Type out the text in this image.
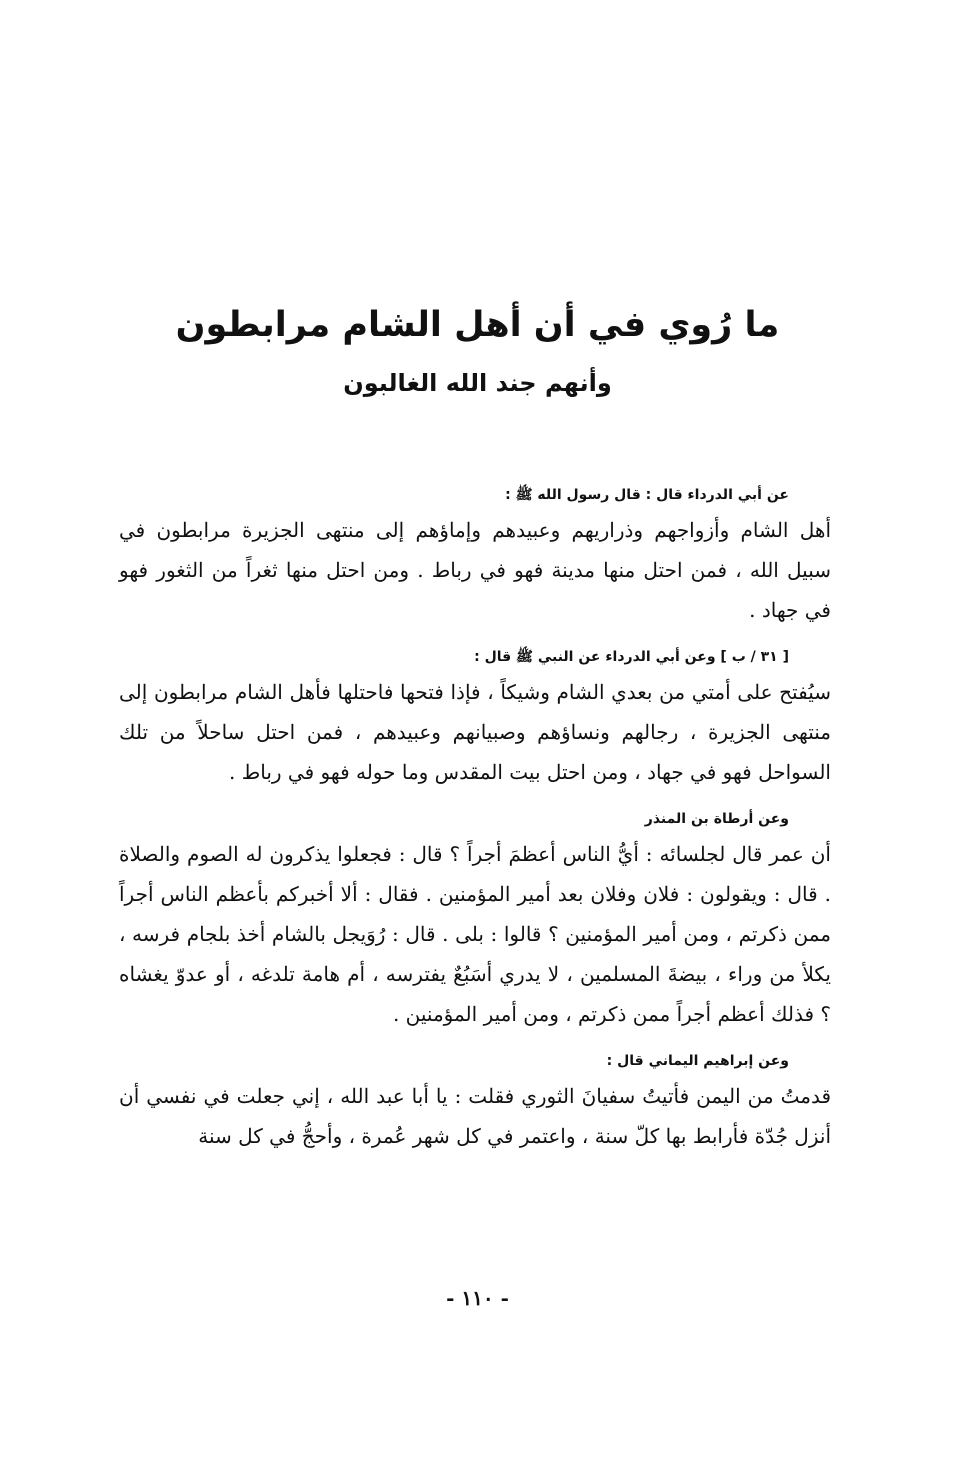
ما رُوي في أن أهل الشام مرابطون
وأنهم جند الله الغالبون

عن أبي الدرداء قال : قال رسول الله ﷺ :

أهل الشام وأزواجهم وذراريهم وعبيدهم وإماؤهم إلى منتهى الجزيرة مرابطون في سبيل الله ، فمن احتل منها مدينة فهو في رباط . ومن احتل منها ثغراً من الثغور فهو في جهاد .

[ ٣١ / ب ] وعن أبي الدرداء عن النبي ﷺ قال :

سيُفتح على أمتي من بعدي الشام وشيكاً ، فإذا فتحها فاحتلها فأهل الشام مرابطون إلى منتهى الجزيرة ، رجالهم ونساؤهم وصبيانهم وعبيدهم ، فمن احتل ساحلاً من تلك السواحل فهو في جهاد ، ومن احتل بيت المقدس وما حوله فهو في رباط .

وعن أرطاة بن المنذر

أن عمر قال لجلسائه : أيُّ الناس أعظمَ أجراً ؟ قال : فجعلوا يذكرون له الصوم والصلاة . قال : ويقولون : فلان وفلان بعد أمير المؤمنين . فقال : ألا أخبركم بأعظم الناس أجراً ممن ذكرتم ، ومن أمير المؤمنين ؟ قالوا : بلى . قال : رُوَيجل بالشام أخذ بلجام فرسه ، يكلأ من وراء ، بيضةَ المسلمين ، لا يدري أسَبُعٌ يفترسه ، أم هامة تلدغه ، أو عدوّ يغشاه ؟ فذلك أعظم أجراً ممن ذكرتم ، ومن أمير المؤمنين .

وعن إبراهيم اليماني قال :

قدمتُ من اليمن فأتيتُ سفيانَ الثوري فقلت : يا أبا عبد الله ، إني جعلت في نفسي أن أنزل جُدّة فأرابط بها كلّ سنة ، واعتمر في كل شهر عُمرة ، وأحجُّ في كل سنة

- ١١٠ -
